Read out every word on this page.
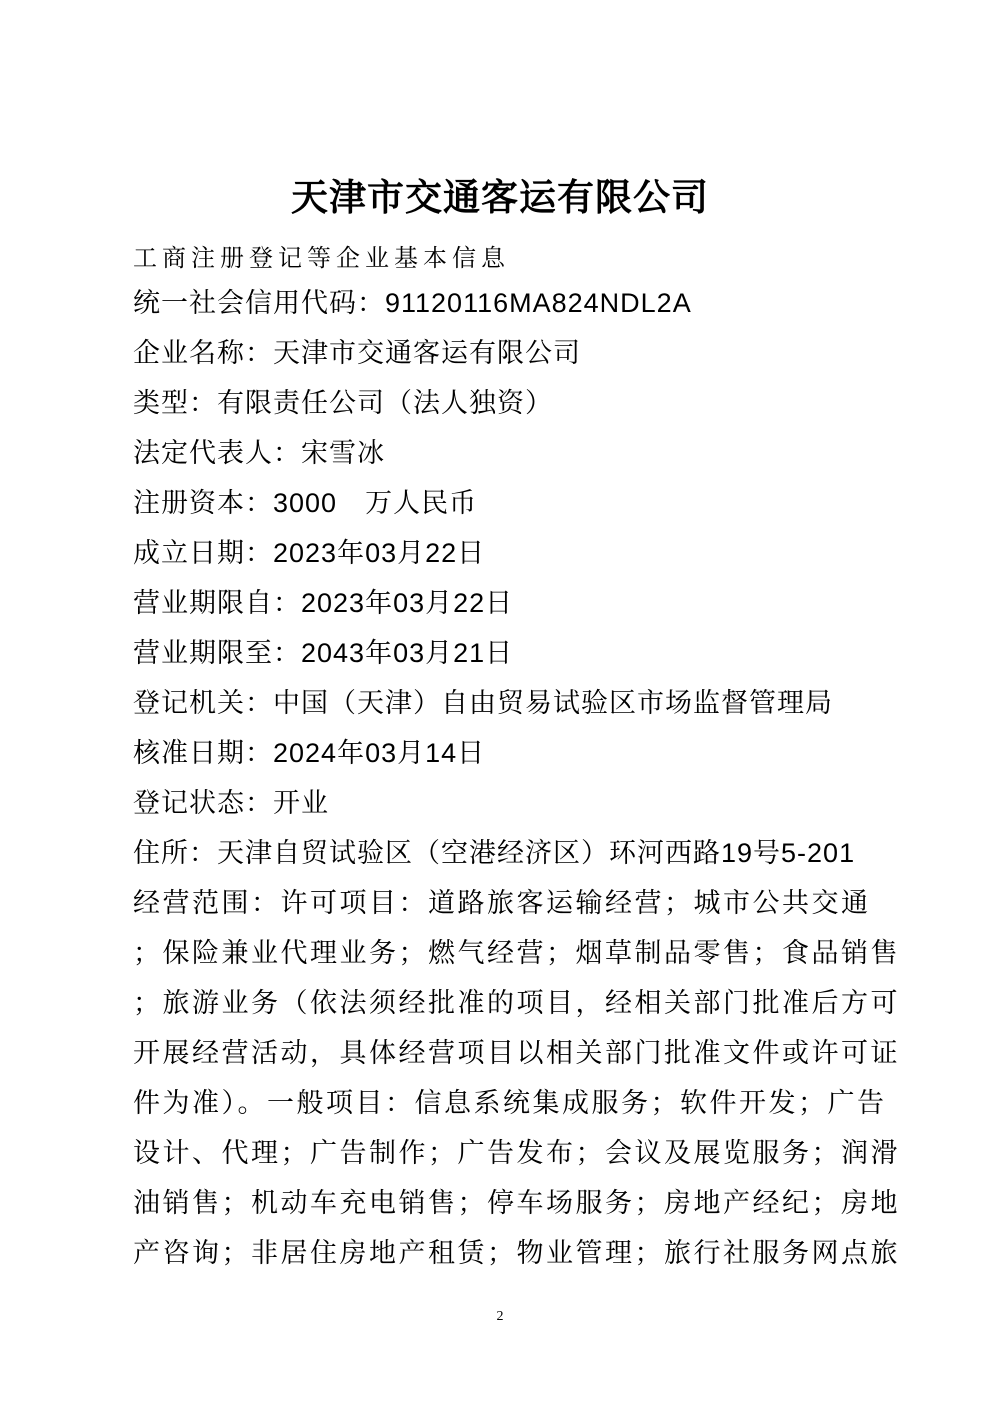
天津市交通客运有限公司
工商注册登记等企业基本信息
统一社会信用代码：91120116MA824NDL2A
企业名称：天津市交通客运有限公司
类型：有限责任公司（法人独资）
法定代表人：宋雪冰
注册资本：3000　万人民币
成立日期：2023年03月22日
营业期限自：2023年03月22日
营业期限至：2043年03月21日
登记机关：中国（天津）自由贸易试验区市场监督管理局
核准日期：2024年03月14日
登记状态：开业
住所：天津自贸试验区（空港经济区）环河西路19号5-201
经营范围：许可项目：道路旅客运输经营；城市公共交通
；保险兼业代理业务；燃气经营；烟草制品零售；食品销售
；旅游业务（依法须经批准的项目，经相关部门批准后方可
开展经营活动，具体经营项目以相关部门批准文件或许可证
件为准）。一般项目：信息系统集成服务；软件开发；广告
设计、代理；广告制作；广告发布；会议及展览服务；润滑
油销售；机动车充电销售；停车场服务；房地产经纪；房地
产咨询；非居住房地产租赁；物业管理；旅行社服务网点旅
2
